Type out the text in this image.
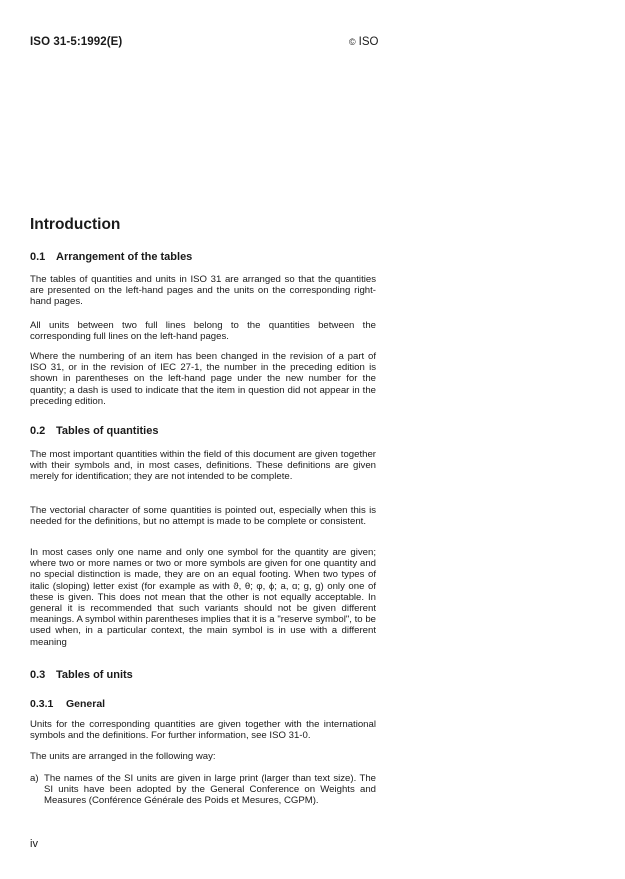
ISO 31-5:1992(E)	© ISO
Introduction
0.1 Arrangement of the tables
The tables of quantities and units in ISO 31 are arranged so that the quantities are presented on the left-hand pages and the units on the corresponding right-hand pages.
All units between two full lines belong to the quantities between the corresponding full lines on the left-hand pages.
Where the numbering of an item has been changed in the revision of a part of ISO 31, or in the revision of IEC 27-1, the number in the preceding edition is shown in parentheses on the left-hand page under the new number for the quantity; a dash is used to indicate that the item in question did not appear in the preceding edition.
0.2 Tables of quantities
The most important quantities within the field of this document are given together with their symbols and, in most cases, definitions. These definitions are given merely for identification; they are not intended to be complete.
The vectorial character of some quantities is pointed out, especially when this is needed for the definitions, but no attempt is made to be complete or consistent.
In most cases only one name and only one symbol for the quantity are given; where two or more names or two or more symbols are given for one quantity and no special distinction is made, they are on an equal footing. When two types of italic (sloping) letter exist (for example as with ϑ, θ; φ, ϕ; a, ɑ; g, ɡ) only one of these is given. This does not mean that the other is not equally acceptable. In general it is recommended that such variants should not be given different meanings. A symbol within parentheses implies that it is a "reserve symbol", to be used when, in a particular context, the main symbol is in use with a different meaning
0.3 Tables of units
0.3.1 General
Units for the corresponding quantities are given together with the international symbols and the definitions. For further information, see ISO 31-0.
The units are arranged in the following way:
a) The names of the SI units are given in large print (larger than text size). The SI units have been adopted by the General Conference on Weights and Measures (Conférence Générale des Poids et Mesures, CGPM).
iv
